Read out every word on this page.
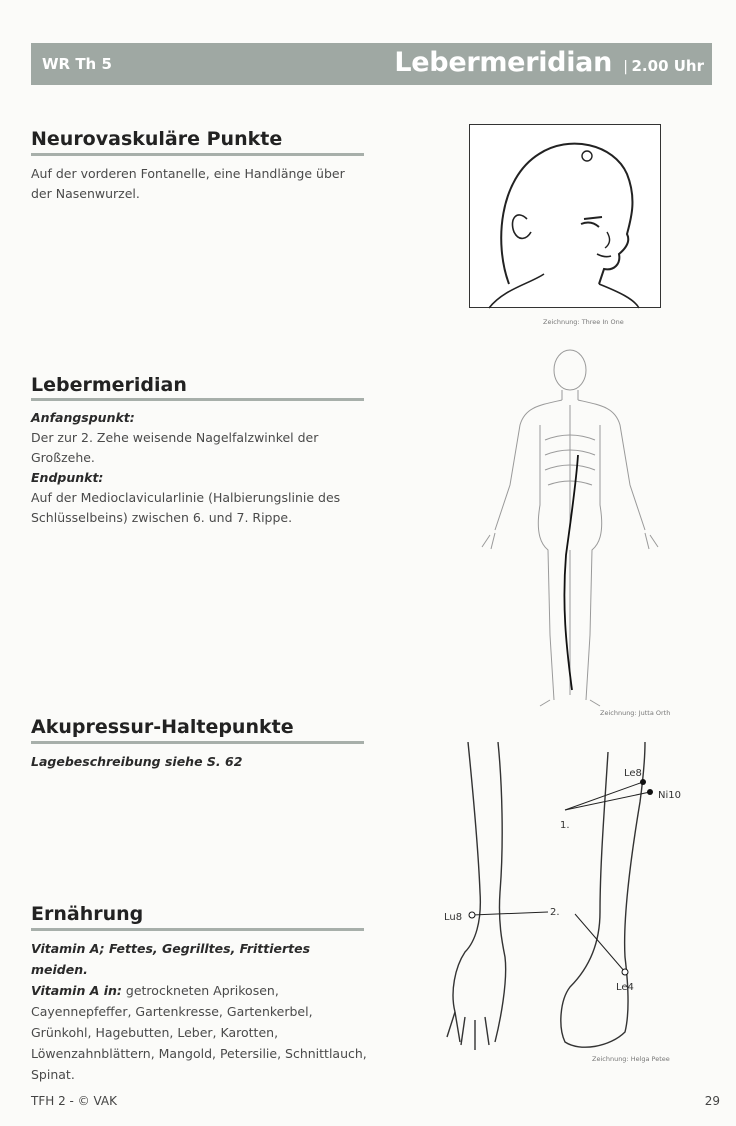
WR Th 5	Lebermeridian | 2.00 Uhr
Neurovaskuläre Punkte
Auf der vorderen Fontanelle, eine Handlänge über der Nasenwurzel.
Lebermeridian
Anfangspunkt:
Der zur 2. Zehe weisende Nagelfalzwinkel der Großzehe.
Endpunkt:
Auf der Medioclavicularlinie (Halbierungslinie des Schlüsselbeins) zwischen 6. und 7. Rippe.
Akupressur-Haltepunkte
Lagebeschreibung siehe S. 62
Ernährung
Vitamin A; Fettes, Gegrilltes, Frittiertes meiden.
Vitamin A in: getrockneten Aprikosen, Cayennepfeffer, Gartenkresse, Gartenkerbel, Grünkohl, Hagebutten, Leber, Karotten, Löwenzahnblättern, Mangold, Petersilie, Schnittlauch, Spinat.
Zeichnung: Three In One
Zeichnung: Jutta Orth
Le8
Ni10
1.
2.
Lu8
Le4
Zeichnung: Helga Petee
TFH 2 - © VAK	29
